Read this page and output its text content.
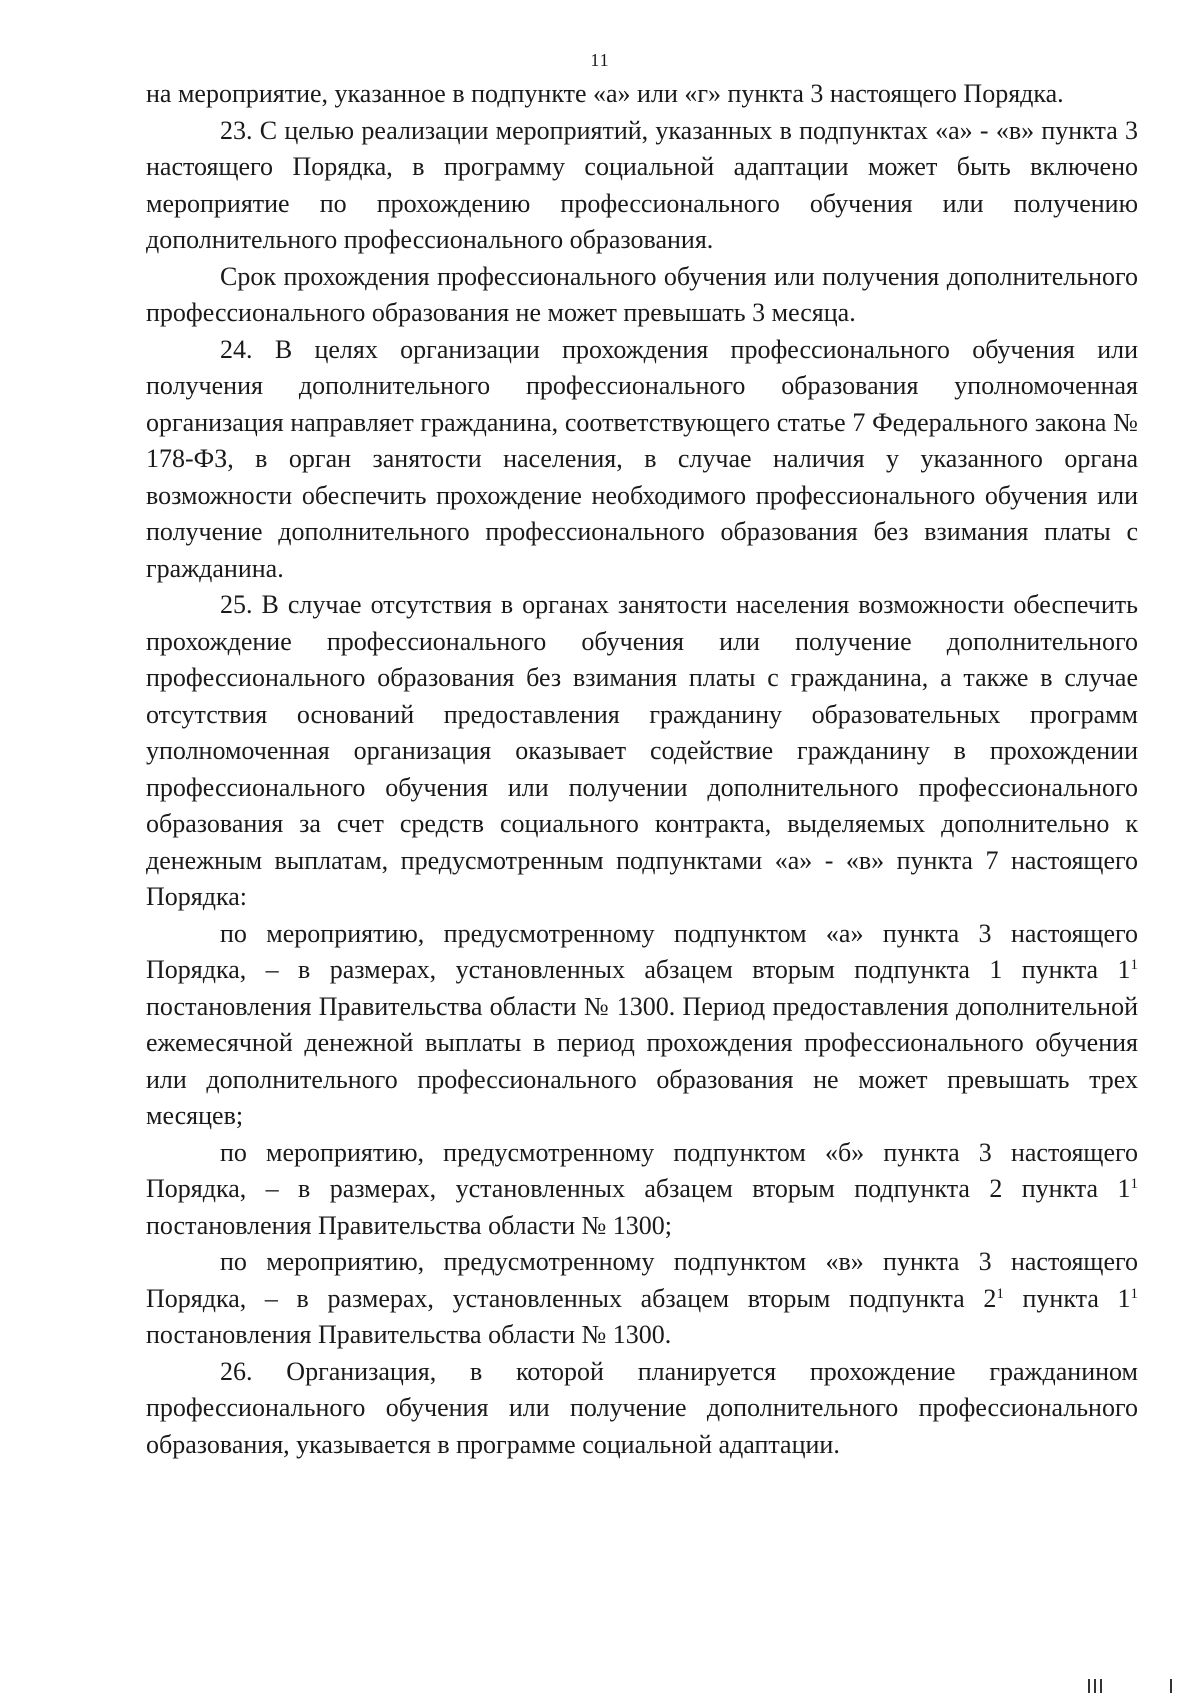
11

на мероприятие, указанное в подпункте «а» или «г» пункта 3 настоящего Порядка.

23. С целью реализации мероприятий, указанных в подпунктах «а» - «в» пункта 3 настоящего Порядка, в программу социальной адаптации может быть включено мероприятие по прохождению профессионального обучения или получению дополнительного профессионального образования.

Срок прохождения профессионального обучения или получения дополнительного профессионального образования не может превышать 3 месяца.

24. В целях организации прохождения профессионального обучения или получения дополнительного профессионального образования уполномоченная организация направляет гражданина, соответствующего статье 7 Федерального закона № 178-ФЗ, в орган занятости населения, в случае наличия у указанного органа возможности обеспечить прохождение необходимого профессионального обучения или получение дополнительного профессионального образования без взимания платы с гражданина.

25. В случае отсутствия в органах занятости населения возможности обеспечить прохождение профессионального обучения или получение дополнительного профессионального образования без взимания платы с гражданина, а также в случае отсутствия оснований предоставления гражданину образовательных программ уполномоченная организация оказывает содействие гражданину в прохождении профессионального обучения или получении дополнительного профессионального образования за счет средств социального контракта, выделяемых дополнительно к денежным выплатам, предусмотренным подпунктами «а» - «в» пункта 7 настоящего Порядка:

по мероприятию, предусмотренному подпунктом «а» пункта 3 настоящего Порядка, – в размерах, установленных абзацем вторым подпункта 1 пункта $1^1$ постановления Правительства области № 1300. Период предоставления дополнительной ежемесячной денежной выплаты в период прохождения профессионального обучения или дополнительного профессионального образования не может превышать трех месяцев;

по мероприятию, предусмотренному подпунктом «б» пункта 3 настоящего Порядка, – в размерах, установленных абзацем вторым подпункта 2 пункта $1^1$ постановления Правительства области № 1300;

по мероприятию, предусмотренному подпунктом «в» пункта 3 настоящего Порядка, – в размерах, установленных абзацем вторым подпункта $2^1$ пункта $1^1$ постановления Правительства области № 1300.

26. Организация, в которой планируется прохождение гражданином профессионального обучения или получение дополнительного профессионального образования, указывается в программе социальной адаптации.
